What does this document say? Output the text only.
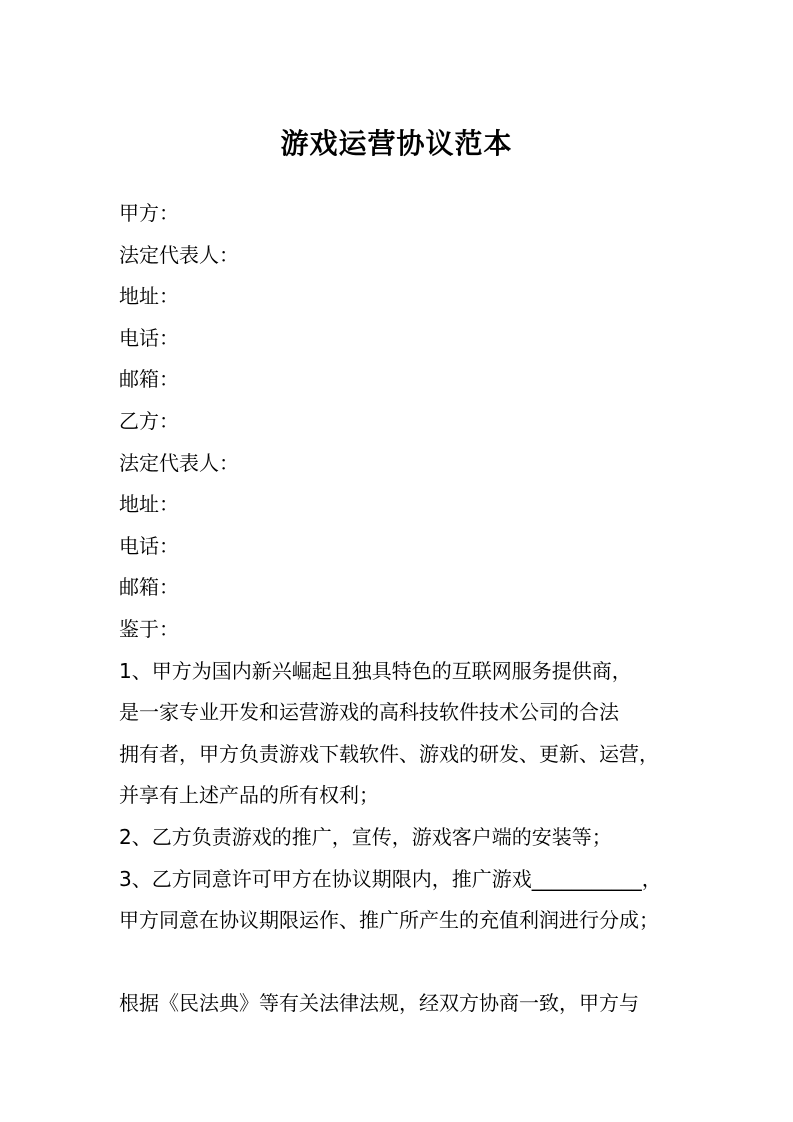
游戏运营协议范本
甲方：
法定代表人：
地址：
电话：
邮箱：
乙方：
法定代表人：
地址：
电话：
邮箱：
鉴于：
1、甲方为国内新兴崛起且独具特色的互联网服务提供商，
是一家专业开发和运营游戏的高科技软件技术公司的合法
拥有者，甲方负责游戏下载软件、游戏的研发、更新、运营，
并享有上述产品的所有权利；
2、乙方负责游戏的推广，宣传，游戏客户端的安装等；
3、乙方同意许可甲方在协议期限内，推广游戏___________，
甲方同意在协议期限运作、推广所产生的充值利润进行分成；
根据《民法典》等有关法律法规，经双方协商一致，甲方与
